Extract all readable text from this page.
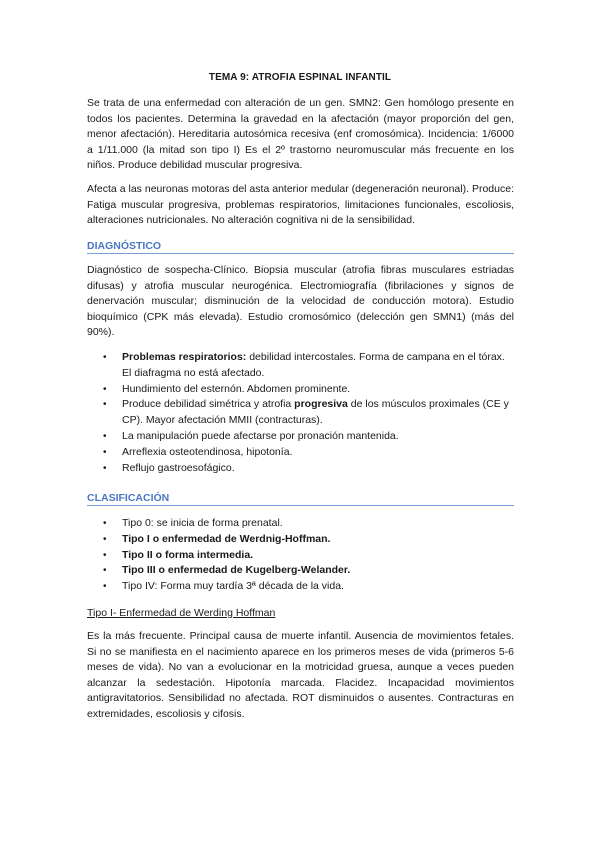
TEMA 9: ATROFIA ESPINAL INFANTIL

Se trata de una enfermedad con alteración de un gen. SMN2: Gen homólogo presente en todos los pacientes. Determina la gravedad en la afectación (mayor proporción del gen, menor afectación). Hereditaria autosómica recesiva (enf cromosómica). Incidencia: 1/6000 a 1/11.000 (la mitad son tipo I) Es el 2º trastorno neuromuscular más frecuente en los niños. Produce debilidad muscular progresiva.

Afecta a las neuronas motoras del asta anterior medular (degeneración neuronal). Produce: Fatiga muscular progresiva, problemas respiratorios, limitaciones funcionales, escoliosis, alteraciones nutricionales. No alteración cognitiva ni de la sensibilidad.

DIAGNÓSTICO

Diagnóstico de sospecha-Clínico. Biopsia muscular (atrofia fibras musculares estriadas difusas) y atrofia muscular neurogénica. Electromiografía (fibrilaciones y signos de denervación muscular; disminución de la velocidad de conducción motora). Estudio bioquímico (CPK más elevada). Estudio cromosómico (delección gen SMN1) (más del 90%).

• Problemas respiratorios: debilidad intercostales. Forma de campana en el tórax. El diafragma no está afectado.
• Hundimiento del esternón. Abdomen prominente.
• Produce debilidad simétrica y atrofia progresiva de los músculos proximales (CE y CP). Mayor afectación MMII (contracturas).
• La manipulación puede afectarse por pronación mantenida.
• Arreflexia osteotendinosa, hipotonía.
• Reflujo gastroesofágico.
CLASIFICACIÓN
• Tipo 0: se inicia de forma prenatal.
• Tipo I o enfermedad de Werdnig-Hoffman.
• Tipo II o forma intermedia.
• Tipo III o enfermedad de Kugelberg-Welander.
• Tipo IV: Forma muy tardía 3ª década de la vida.
Tipo I- Enfermedad de Werding Hoffman

Es la más frecuente. Principal causa de muerte infantil. Ausencia de movimientos fetales. Si no se manifiesta en el nacimiento aparece en los primeros meses de vida (primeros 5-6 meses de vida). No van a evolucionar en la motricidad gruesa, aunque a veces pueden alcanzar la sedestación. Hipotonía marcada. Flacidez. Incapacidad movimientos antigravitatorios. Sensibilidad no afectada. ROT disminuidos o ausentes. Contracturas en extremidades, escoliosis y cifosis.
